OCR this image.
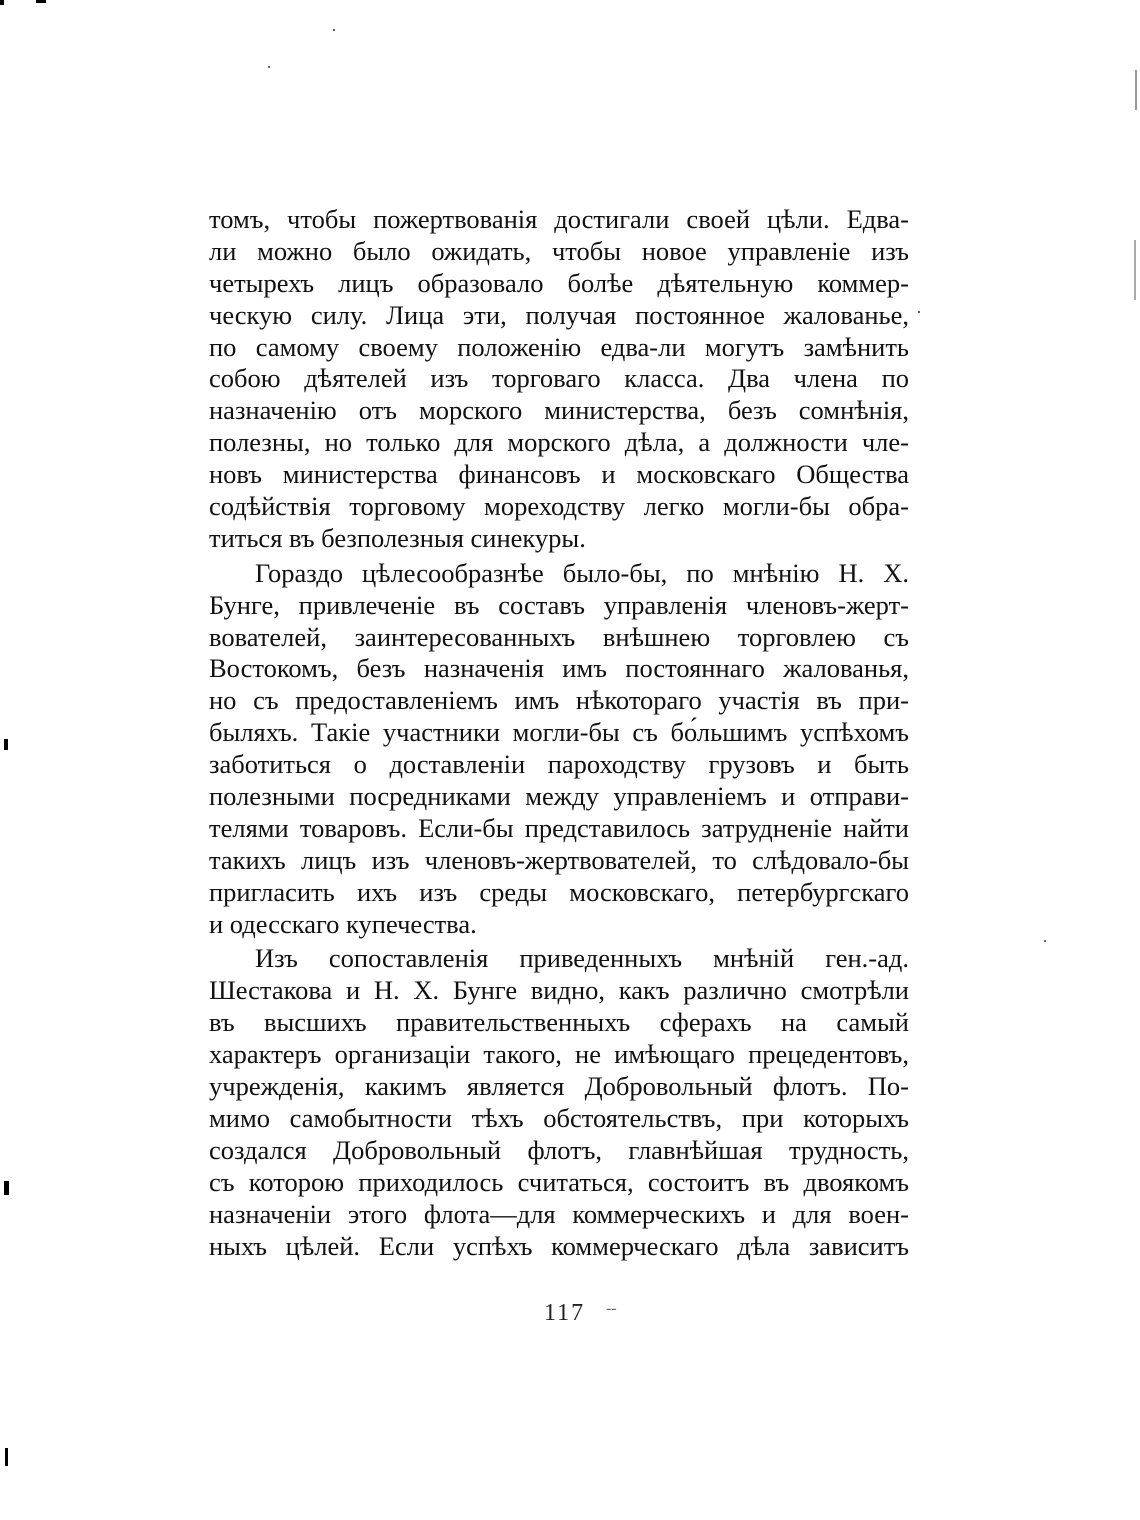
томъ, чтобы пожертвованія достигали своей цѣли. Едва-
ли можно было ожидать, чтобы новое управленіе изъ
четырехъ лицъ образовало болѣе дѣятельную коммер-
ческую силу. Лица эти, получая постоянное жалованье,
по самому своему положенію едва-ли могутъ замѣнить
собою дѣятелей изъ торговаго класса. Два члена по
назначенію отъ морского министерства, безъ сомнѣнія,
полезны, но только для морского дѣла, а должности чле-
новъ министерства финансовъ и московскаго Общества
содѣйствія торговому мореходству легко могли-бы обра-
титься въ безполезныя синекуры.
Гораздо цѣлесообразнѣе было-бы, по мнѣнію Н. Х.
Бунге, привлеченіе въ составъ управленія членовъ-жерт-
вователей, заинтересованныхъ внѣшнею торговлею съ
Востокомъ, безъ назначенія имъ постояннаго жалованья,
но съ предоставленіемъ имъ нѣкотораго участія въ при-
быляхъ. Такіе участники могли-бы съ бо́льшимъ успѣхомъ
заботиться о доставленіи пароходству грузовъ и быть
полезными посредниками между управленіемъ и отправи-
телями товаровъ. Если-бы представилось затрудненіе найти
такихъ лицъ изъ членовъ-жертвователей, то слѣдовало-бы
пригласить ихъ изъ среды московскаго, петербургскаго
и одесскаго купечества.
Изъ сопоставленія приведенныхъ мнѣній ген.-ад.
Шестакова и Н. Х. Бунге видно, какъ различно смотрѣли
въ высшихъ правительственныхъ сферахъ на самый
характеръ организаціи такого, не имѣющаго прецедентовъ,
учрежденія, какимъ является Добровольный флотъ. По-
мимо самобытности тѣхъ обстоятельствъ, при которыхъ
создался Добровольный флотъ, главнѣйшая трудность,
съ которою приходилось считаться, состоитъ въ двоякомъ
назначеніи этого флота—для коммерческихъ и для воен-
ныхъ цѣлей. Если успѣхъ коммерческаго дѣла зависитъ
117 --
